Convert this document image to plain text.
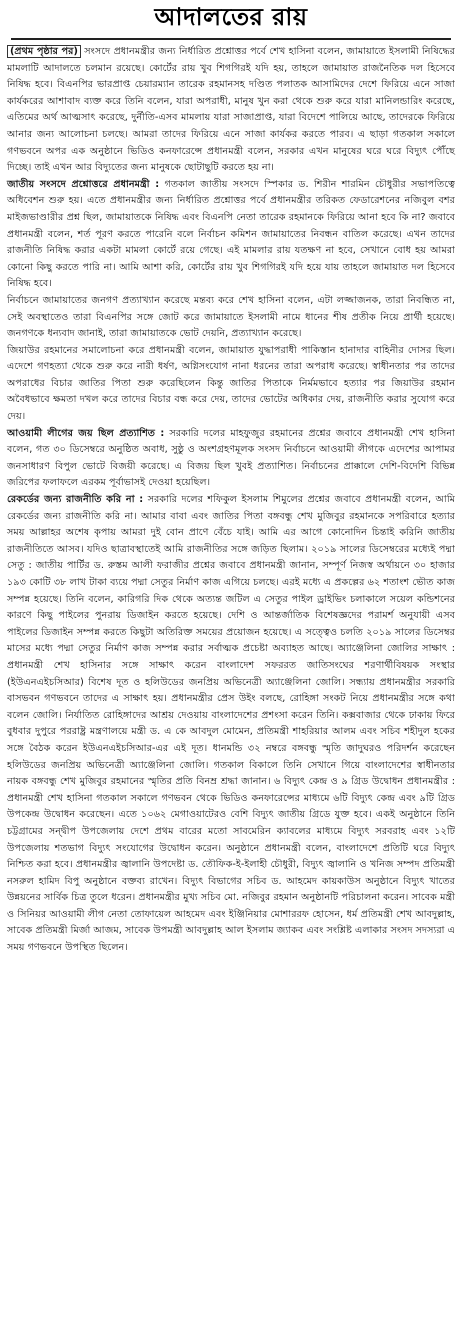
আদালতের রায়

(প্রথম পৃষ্ঠার পর) সংসদে প্রধানমন্ত্রীর জন্য নির্ধারিত প্রশ্নোত্তর পর্বে শেখ হাসিনা বলেন, জামায়াতে ইসলামী নিষিদ্ধের মামলাটি আদালতে চলমান রয়েছে। কোর্টের রায় খুব শিগগিরই যদি হয়, তাহলে জামায়াত রাজনৈতিক দল হিসেবে নিষিদ্ধ হবে। বিএনপির ভারপ্রাপ্ত চেয়ারম্যান তারেক রহমানসহ দণ্ডিত পলাতক আসামিদের দেশে ফিরিয়ে এনে সাজা কার্যকরের আশাবাদ ব্যক্ত করে তিনি বলেন, যারা অপরাধী, মানুষ খুন করা থেকে শুরু করে যারা মানিলন্ডারিং করেছে, এতিমের অর্থ আত্মসাৎ করেছে, দুর্নীতি-এসব মামলায় যারা সাজাপ্রাপ্ত, যারা বিদেশে পালিয়ে আছে, তাদেরকে ফিরিয়ে আনার জন্য আলোচনা চলছে। আমরা তাদের ফিরিয়ে এনে সাজা কার্যকর করতে পারব। এ ছাড়া গতকাল সকালে গণভবনে অপর এক অনুষ্ঠানে ভিডিও কনফারেন্সে প্রধানমন্ত্রী বলেন, সরকার এখন মানুষের ঘরে ঘরে বিদ্যুৎ পৌঁছে দিচ্ছে। তাই এখন আর বিদ্যুতের জন্য মানুষকে ছোটাছুটি করতে হয় না।

জাতীয় সংসদে প্রশ্নোত্তরে প্রধানমন্ত্রী : গতকাল জাতীয় সংসদে স্পিকার ড. শিরীন শারমিন চৌধুরীর সভাপতিত্বে অধিবেশন শুরু হয়। এতে প্রধানমন্ত্রীর জন্য নির্ধারিত প্রশ্নোত্তর পর্বে প্রধানমন্ত্রীর তরিকত ফেডারেশনের নজিবুল বশর মাইজভাণ্ডারীর প্রশ্ন ছিল, জামায়াতকে নিষিদ্ধ এবং বিএনপি নেতা তারেক রহমানকে ফিরিয়ে আনা হবে কি না? জবাবে প্রধানমন্ত্রী বলেন, শর্ত পূরণ করতে পারেনি বলে নির্বাচন কমিশন জামায়াতের নিবন্ধন বাতিল করেছে। এখন তাদের রাজনীতি নিষিদ্ধ করার একটা মামলা কোর্টে রয়ে গেছে। এই মামলার রায় যতক্ষণ না হবে, সেখানে বোধ হয় আমরা কোনো কিছু করতে পারি না। আমি আশা করি, কোর্টের রায় খুব শিগগিরই যদি হয়ে যায় তাহলে জামায়াত দল হিসেবে নিষিদ্ধ হবে।

নির্বাচনে জামায়াতের জনগণ প্রত্যাখ্যান করেছে মন্তব্য করে শেখ হাসিনা বলেন, এটা লজ্জাজনক, তারা নিবন্ধিত না, সেই অবস্থাতেও তারা বিএনপির সঙ্গে জোট করে জামায়াতে ইসলামী নামে ধানের শীষ প্রতীক নিয়ে প্রার্থী হয়েছে। জনগণকে ধন্যবাদ জানাই, তারা জামায়াতকে ভোট দেয়নি, প্রত্যাখ্যান করেছে।

জিয়াউর রহমানের সমালোচনা করে প্রধানমন্ত্রী বলেন, জামায়াত যুদ্ধাপরাধী পাকিস্তান হানাদার বাহিনীর দোসর ছিল। এদেশে গণহত্যা থেকে শুরু করে নারী ধর্ষণ, অগ্নিসংযোগ নানা ধরনের তারা অপরাধ করেছে। স্বাধীনতার পর তাদের অপরাধের বিচার জাতির পিতা শুরু করেছিলেন কিন্তু জাতির পিতাকে নির্মমভাবে হত্যার পর জিয়াউর রহমান অবৈধভাবে ক্ষমতা দখল করে তাদের বিচার বন্ধ করে দেয়, তাদের ভোটের অধিকার দেয়, রাজনীতি করার সুযোগ করে দেয়।

আওয়ামী লীগের জয় ছিল প্রত্যাশিত : সরকারি দলের মাহফুজুর রহমানের প্রশ্নের জবাবে প্রধানমন্ত্রী শেখ হাসিনা বলেন, গত ৩০ ডিসেম্বরে অনুষ্ঠিত অবাধ, সুষ্ঠু ও অংশগ্রহণমূলক সংসদ নির্বাচনে আওয়ামী লীগকে এদেশের আপামর জনসাধারণ বিপুল ভোটে বিজয়ী করেছে। এ বিজয় ছিল খুবই প্রত্যাশিত। নির্বাচনের প্রাক্কালে দেশি-বিদেশি বিভিন্ন জরিপের ফলাফলে এরকম পূর্বাভাসই দেওয়া হয়েছিল।

রেকর্ডের জন্য রাজনীতি করি না : সরকারি দলের শফিকুল ইসলাম শিমুলের প্রশ্নের জবাবে প্রধানমন্ত্রী বলেন, আমি রেকর্ডের জন্য রাজনীতি করি না। আমার বাবা এবং জাতির পিতা বঙ্গবন্ধু শেখ মুজিবুর রহমানকে সপরিবারে হত্যার সময় আল্লাহর অশেষ কৃপায় আমরা দুই বোন প্রাণে বেঁচে যাই। আমি এর আগে কোনোদিন চিন্তাই করিনি জাতীয় রাজনীতিতে আসব। যদিও ছাত্রাবস্থাতেই আমি রাজনীতির সঙ্গে জড়িত ছিলাম। ২০১৯ সালের ডিসেম্বরের মধ্যেই পদ্মা সেতু : জাতীয় পার্টির ড. রুস্তম আলী ফরাজীর প্রশ্নের জবাবে প্রধানমন্ত্রী জানান, সম্পূর্ণ নিজস্ব অর্থায়নে ৩০ হাজার ১৯৩ কোটি ৩৮ লাখ টাকা ব্যয়ে পদ্মা সেতুর নির্মাণ কাজ এগিয়ে চলছে। এরই মধ্যে এ প্রকল্পের ৬২ শতাংশ ভৌত কাজ সম্পন্ন হয়েছে। তিনি বলেন, কারিগরি দিক থেকে অত্যন্ত জটিল এ সেতুর পাইল ড্রাইভিং চলাকালে সয়েল কন্ডিশনের কারণে কিছু পাইলের পুনরায় ডিজাইন করতে হয়েছে। দেশি ও আন্তর্জাতিক বিশেষজ্ঞদের পরামর্শ অনুযায়ী এসব পাইলের ডিজাইন সম্পন্ন করতে কিছুটা অতিরিক্ত সময়ের প্রয়োজন হয়েছে। এ সত্ত্বেও চলতি ২০১৯ সালের ডিসেম্বর মাসের মধ্যে পদ্মা সেতুর নির্মাণ কাজ সম্পন্ন করার সর্বাত্মক প্রচেষ্টা অব্যাহত আছে। অ্যাঞ্জেলিনা জোলির সাক্ষাৎ : প্রধানমন্ত্রী শেখ হাসিনার সঙ্গে সাক্ষাৎ করেন বাংলাদেশ সফররত জাতিসংঘের শরণার্থীবিষয়ক সংস্থার (ইউএনএইচসিআর) বিশেষ দূত ও হলিউডের জনপ্রিয় অভিনেত্রী অ্যাঞ্জেলিনা জোলি। সন্ধ্যায় প্রধানমন্ত্রীর সরকারি বাসভবন গণভবনে তাদের এ সাক্ষাৎ হয়। প্রধানমন্ত্রীর প্রেস উইং বলছে, রোহিঙ্গা সংকট নিয়ে প্রধানমন্ত্রীর সঙ্গে কথা বলেন জোলি। নির্যাতিত রোহিঙ্গাদের আশ্রয় দেওয়ায় বাংলাদেশের প্রশংসা করেন তিনি। কক্সবাজার থেকে ঢাকায় ফিরে বুধবার দুপুরে পররাষ্ট্র মন্ত্রণালয়ে মন্ত্রী ড. এ কে আবদুল মোমেন, প্রতিমন্ত্রী শাহরিয়ার আলম এবং সচিব শহীদুল হকের সঙ্গে বৈঠক করেন ইউএনএইচসিআর-এর এই দূত। ধানমন্ডি ৩২ নম্বরে বঙ্গবন্ধু স্মৃতি জাদুঘরও পরিদর্শন করেছেন হলিউডের জনপ্রিয় অভিনেত্রী অ্যাঞ্জেলিনা জোলি। গতকাল বিকালে তিনি সেখানে গিয়ে বাংলাদেশের স্বাধীনতার নায়ক বঙ্গবন্ধু শেখ মুজিবুর রহমানের স্মৃতির প্রতি বিনম্র শ্রদ্ধা জানান। ৬ বিদ্যুৎ কেন্দ্র ও ৯ গ্রিড উদ্বোধন প্রধানমন্ত্রীর : প্রধানমন্ত্রী শেখ হাসিনা গতকাল সকালে গণভবন থেকে ভিডিও কনফারেন্সের মাধ্যমে ৬টি বিদ্যুৎ কেন্দ্র এবং ৯টি গ্রিড উপকেন্দ্র উদ্বোধন করেছেন। এতে ১০৬২ মেগাওয়াটেরও বেশি বিদ্যুৎ জাতীয় গ্রিডে যুক্ত হবে। একই অনুষ্ঠানে তিনি চট্টগ্রামের সন্দ্বীপ উপজেলায় দেশে প্রথম বারের মতো সাবমেরিন ক্যাবলের মাধ্যমে বিদ্যুৎ সরবরাহ এবং ১২টি উপজেলায় শতভাগ বিদ্যুৎ সংযোগের উদ্বোধন করেন। অনুষ্ঠানে প্রধানমন্ত্রী বলেন, বাংলাদেশে প্রতিটি ঘরে বিদ্যুৎ নিশ্চিত করা হবে। প্রধানমন্ত্রীর জ্বালানি উপদেষ্টা ড. তৌফিক-ই-ইলাহী চৌধুরী, বিদ্যুৎ জ্বালানি ও খনিজ সম্পদ প্রতিমন্ত্রী নসরুল হামিদ বিপু অনুষ্ঠানে বক্তব্য রাখেন। বিদ্যুৎ বিভাগের সচিব ড. আহমেদ কায়কাউস অনুষ্ঠানে বিদ্যুৎ খাতের উন্নয়নের সার্বিক চিত্র তুলে ধরেন। প্রধানমন্ত্রীর মুখ্য সচিব মো. নজিবুর রহমান অনুষ্ঠানটি পরিচালনা করেন। সাবেক মন্ত্রী ও সিনিয়র আওয়ামী লীগ নেতা তোফায়েল আহমেদ এবং ইঞ্জিনিয়ার মোশাররফ হোসেন, ধর্ম প্রতিমন্ত্রী শেখ আবদুল্লাহ, সাবেক প্রতিমন্ত্রী মির্জা আজম, সাবেক উপমন্ত্রী আবদুল্লাহ আল ইসলাম জ্যাকব এবং সংশ্লিষ্ট এলাকার সংসদ সদস্যরা এ সময় গণভবনে উপস্থিত ছিলেন।
